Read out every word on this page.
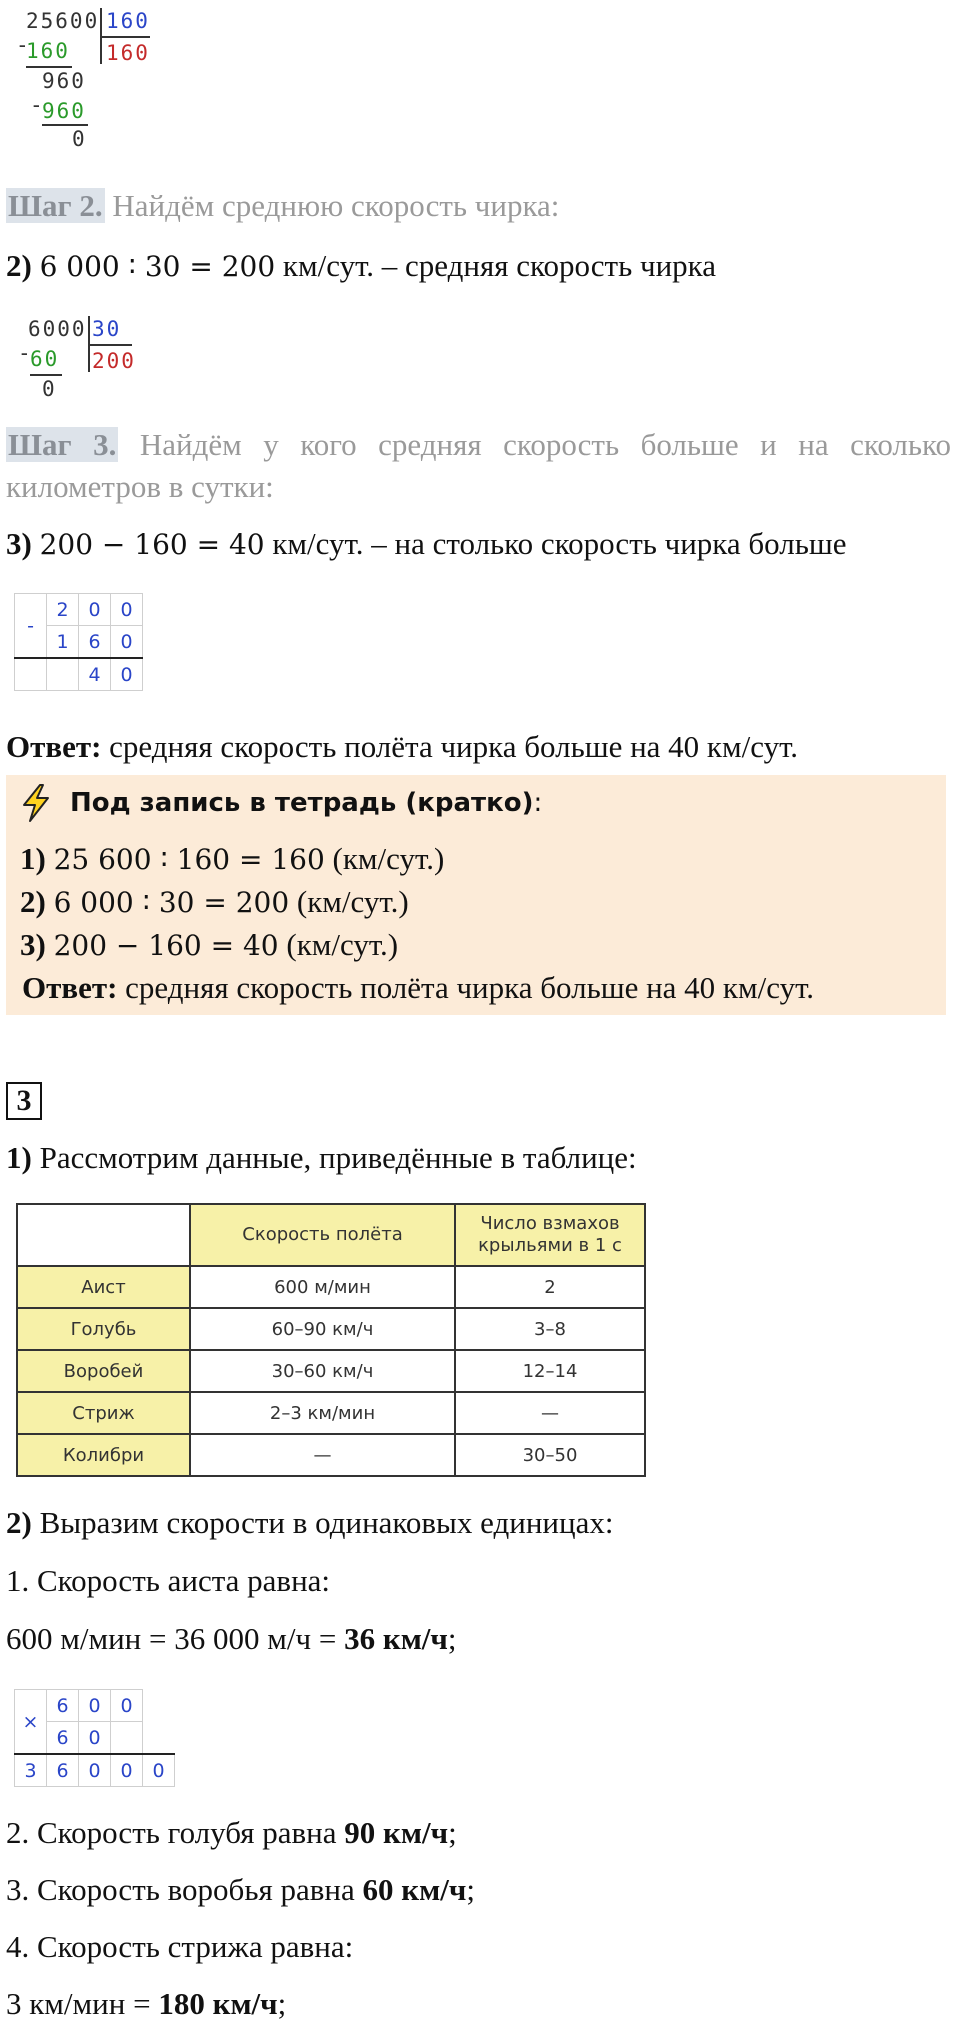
25600 160
-
160 160
960
-
960
0
Шаг 2. Найдём среднюю скорость чирка:
2) 6 000 ∶ 30 = 200 км/сут. – средняя скорость чирка
6000 30
-
60 200
0
Шаг 3. Найдём у кого средняя скорость больше и на сколько
километров в сутки:
3) 200 − 160 = 40 км/сут. – на столько скорость чирка больше
-	2	0	0
	1	6	0
		4	0
Ответ: средняя скорость полёта чирка больше на 40 км/сут.
Под запись в тетрадь (кратко):
1) 25 600 ∶ 160 = 160 (км/сут.)
2) 6 000 ∶ 30 = 200 (км/сут.)
3) 200 − 160 = 40 (км/сут.)
Ответ: средняя скорость полёта чирка больше на 40 км/сут.
3
1) Рассмотрим данные, приведённые в таблице:
	Скорость полёта	Число взмахов крыльями в 1 с
Аист	600 м/мин	2
Голубь	60–90 км/ч	3–8
Воробей	30–60 км/ч	12–14
Стриж	2–3 км/мин	—
Колибри	—	30–50
2) Выразим скорости в одинаковых единицах:
1. Скорость аиста равна:
600 м/мин = 36 000 м/ч = 36 км/ч;
×	6	0	0	
	6	0		
3	6	0	0	0
2. Скорость голубя равна 90 км/ч;
3. Скорость воробья равна 60 км/ч;
4. Скорость стрижа равна:
3 км/мин = 180 км/ч;
